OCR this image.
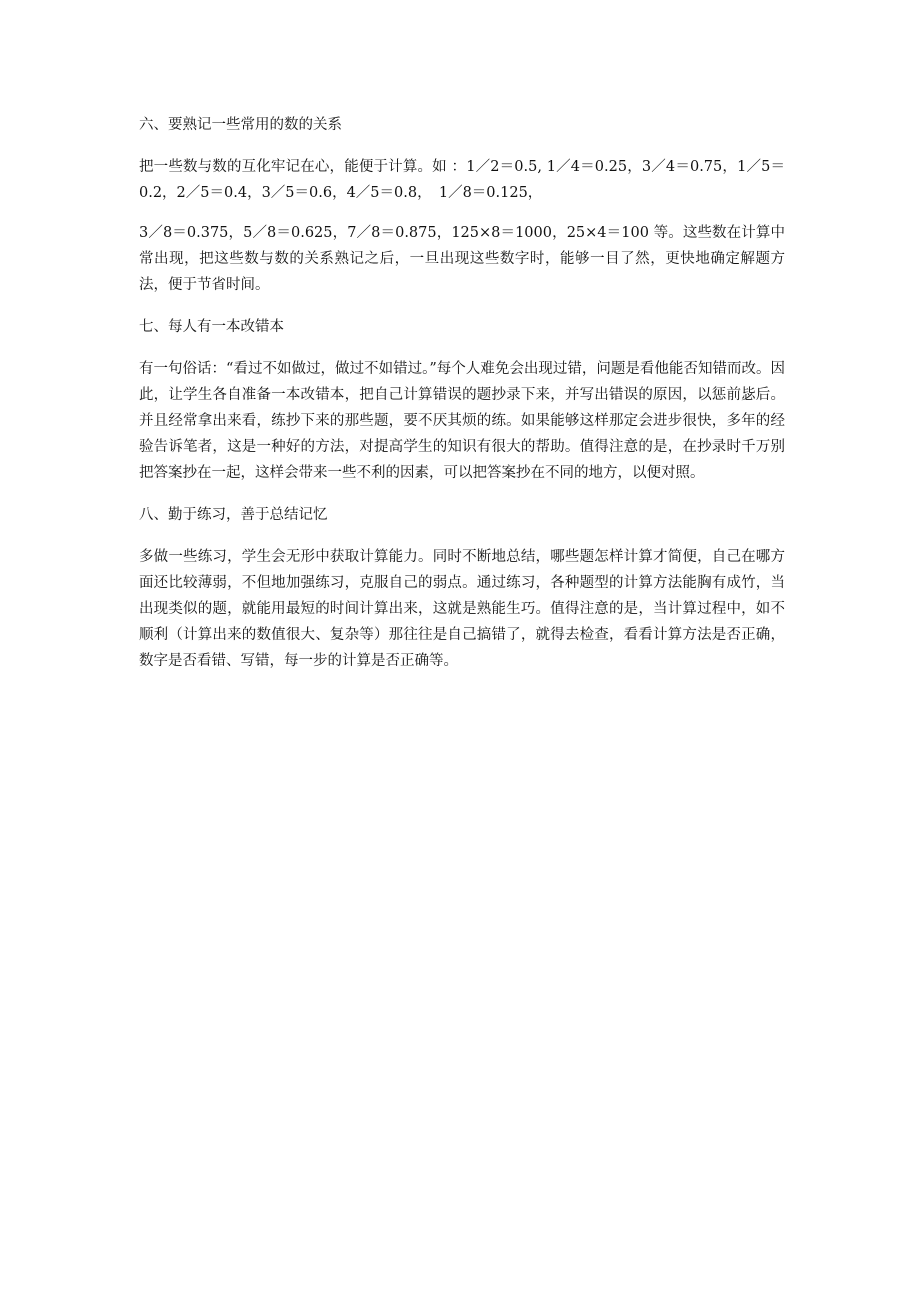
六、要熟记一些常用的数的关系

把一些数与数的互化牢记在心，能便于计算。如 ：1／2＝0.5, 1／4＝0.25，3／4＝0.75，1／5＝0.2，2／5＝0.4，3／5＝0.6，4／5＝0.8，　1／8＝0.125，

3／8＝0.375，5／8＝0.625，7／8＝0.875，125×8＝1000，25×4＝100 等。这些数在计算中常出现，把这些数与数的关系熟记之后，一旦出现这些数字时，能够一目了然，更快地确定解题方法，便于节省时间。

七、每人有一本改错本

有一句俗话：“看过不如做过，做过不如错过。”每个人难免会出现过错，问题是看他能否知错而改。因此，让学生各自准备一本改错本，把自己计算错误的题抄录下来，并写出错误的原因，以惩前毖后。并且经常拿出来看，练抄下来的那些题，要不厌其烦的练。如果能够这样那定会进步很快，多年的经验告诉笔者，这是一种好的方法，对提高学生的知识有很大的帮助。值得注意的是，在抄录时千万别把答案抄在一起，这样会带来一些不利的因素，可以把答案抄在不同的地方，以便对照。

八、勤于练习，善于总结记忆

多做一些练习，学生会无形中获取计算能力。同时不断地总结，哪些题怎样计算才简便，自己在哪方面还比较薄弱，不但地加强练习，克服自己的弱点。通过练习，各种题型的计算方法能胸有成竹，当出现类似的题，就能用最短的时间计算出来，这就是熟能生巧。值得注意的是，当计算过程中，如不顺利（计算出来的数值很大、复杂等）那往往是自己搞错了，就得去检查，看看计算方法是否正确，数字是否看错、写错，每一步的计算是否正确等。
